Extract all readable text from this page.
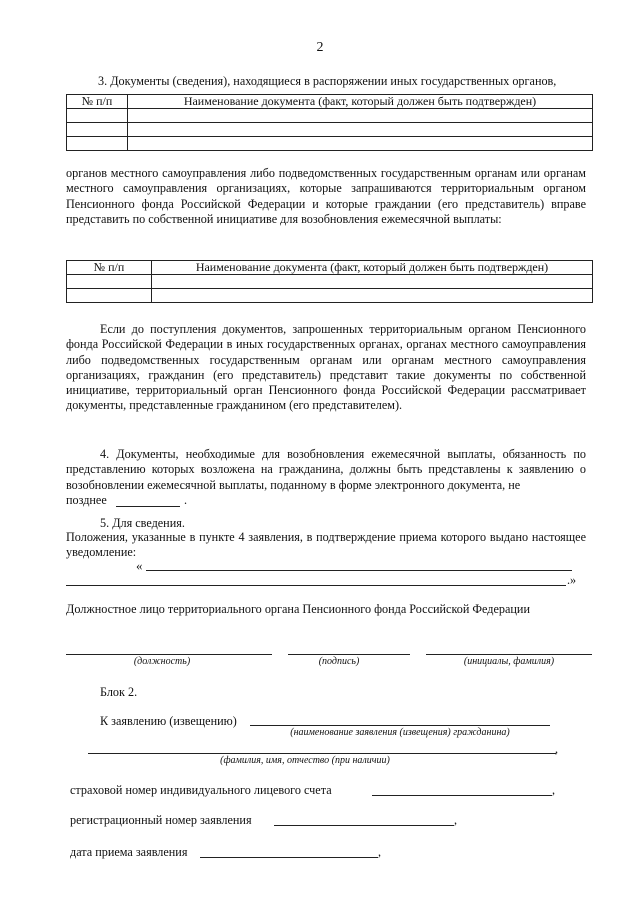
2
3. Документы (сведения), находящиеся в распоряжении иных государственных органов,
№ п/п	Наименование документа (факт, который должен быть подтвержден)

органов местного самоуправления либо подведомственных государственным органам или органам местного самоуправления организациях, которые запрашиваются территориальным органом Пенсионного фонда Российской Федерации и которые граждании (его представитель) вправе представить по собственной инициативе для возобновления ежемесячной выплаты:
№ п/п	Наименование документа (факт, который должен быть подтвержден)

Если до поступления документов, запрошенных территориальным органом Пенсионного фонда Российской Федерации в иных государственных органах, органах местного самоуправления либо подведомственных государственным органам или органам местного самоуправления организациях, гражданин (его представитель) представит такие документы по собственной инициативе, территориальный орган Пенсионного фонда Российской Федерации рассматривает документы, представленные гражданином (его представителем).
4. Документы, необходимые для возобновления ежемесячной выплаты, обязанность по представлению которых возложена на гражданина, должны быть представлены к заявлению о возобновлении ежемесячной выплаты, поданному в форме электронного документа, не
позднее	.
5. Для сведения.
Положения, указанные в пункте 4 заявления, в подтверждение приема которого выдано настоящее уведомление:
«
.»
Должностное лицо территориального органа Пенсионного фонда Российской Федерации
(должность)	(подпись)	(инициалы, фамилия)
Блок 2.
К заявлению (извещению)
(наименование заявления (извещения) гражданина)
,
(фамилия, имя, отчество (при наличии)
страховой номер индивидуального лицевого счета	,
регистрационный номер заявления	,
дата приема заявления	,
